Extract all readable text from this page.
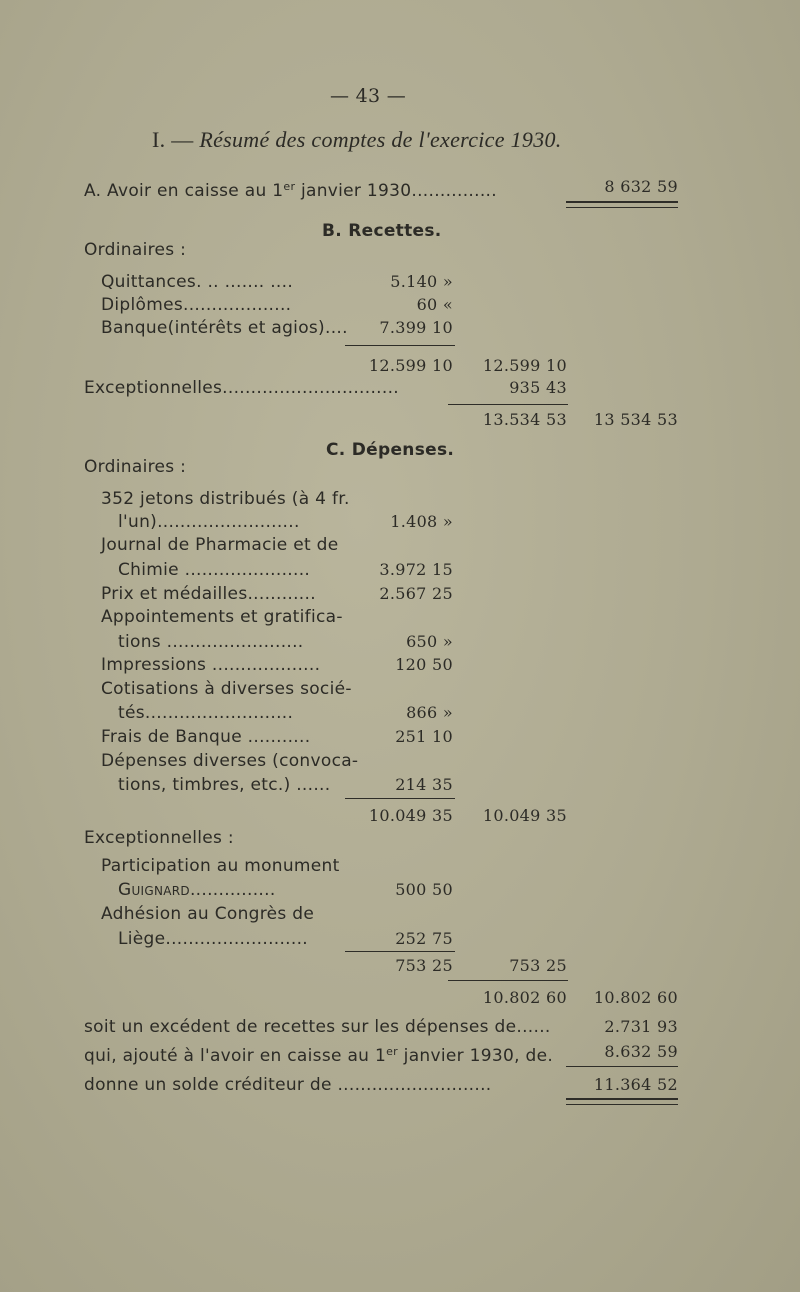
— 43 —
I. — Résumé des comptes de l'exercice 1930.
A. Avoir en caisse au 1er janvier 1930...............	8 632 59
B. Recettes.
Ordinaires :
Quittances. .. ....... ....	5.140 »
Diplômes...................	60 «
Banque(intérêts et agios)....	7.399 10
12.599 10	12.599 10
Exceptionnelles...............................	935 43
13.534 53	13 534 53
C. Dépenses.
Ordinaires :
352 jetons distribués (à 4 fr.
l'un).........................	1.408 »
Journal de Pharmacie et de
Chimie ......................	3.972 15
Prix et médailles............	2.567 25
Appointements et gratifica-
tions ........................	650 »
Impressions ...................	120 50
Cotisations à diverses socié-
tés..........................	866 »
Frais de Banque ...........	251 10
Dépenses diverses (convoca-
tions, timbres, etc.) ......	214 35
10.049 35	10.049 35
Exceptionnelles :
Participation au monument
Guignard...............	500 50
Adhésion au Congrès de
Liège.........................	252 75
753 25	753 25
10.802 60	10.802 60
soit un excédent de recettes sur les dépenses de......	2.731 93
qui, ajouté à l'avoir en caisse au 1er janvier 1930, de.	8.632 59
donne un solde créditeur de ...........................	11.364 52
